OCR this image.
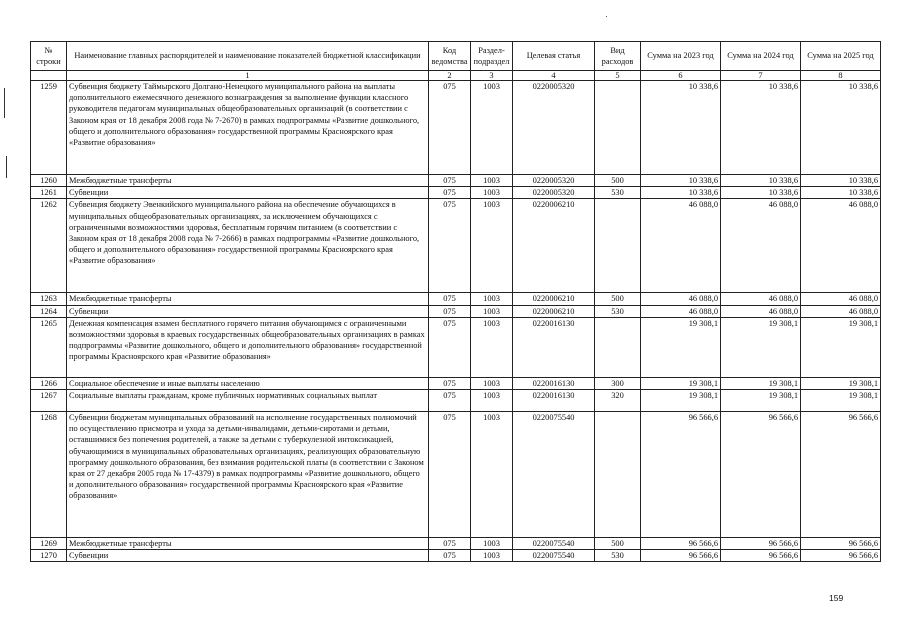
№ строки	Наименование главных распорядителей и наименование показателей бюджетной классификации	Код ведомства	Раздел-подраздел	Целевая статья	Вид расходов	Сумма на 2023 год	Сумма на 2024 год	Сумма на 2025 год
	1	2	3	4	5	6	7	8
1259	Субвенция бюджету Таймырского Долгано-Ненецкого муниципального района на выплаты дополнительного ежемесячного денежного вознаграждения за выполнение функции классного руководителя педагогам муниципальных общеобразовательных организаций (в соответствии с Законом края от 18 декабря 2008 года № 7-2670) в рамках подпрограммы «Развитие дошкольного, общего и дополнительного образования» государственной программы Красноярского края «Развитие образования»	075	1003	0220005320		10 338,6	10 338,6	10 338,6
1260	Межбюджетные трансферты	075	1003	0220005320	500	10 338,6	10 338,6	10 338,6
1261	Субвенции	075	1003	0220005320	530	10 338,6	10 338,6	10 338,6
1262	Субвенция бюджету Эвенкийского муниципального района на обеспечение обучающихся в муниципальных общеобразовательных организациях, за исключением обучающихся с ограниченными возможностями здоровья, бесплатным горячим питанием (в соответствии с Законом края от 18 декабря 2008 года № 7-2666) в рамках подпрограммы «Развитие дошкольного, общего и дополнительного образования» государственной программы Красноярского края «Развитие образования»	075	1003	0220006210		46 088,0	46 088,0	46 088,0
1263	Межбюджетные трансферты	075	1003	0220006210	500	46 088,0	46 088,0	46 088,0
1264	Субвенции	075	1003	0220006210	530	46 088,0	46 088,0	46 088,0
1265	Денежная компенсация взамен бесплатного горячего питания обучающимся с ограниченными возможностями здоровья в краевых государственных общеобразовательных организациях в рамках подпрограммы «Развитие дошкольного, общего и дополнительного образования» государственной программы Красноярского края «Развитие образования»	075	1003	0220016130		19 308,1	19 308,1	19 308,1
1266	Социальное обеспечение и иные выплаты населению	075	1003	0220016130	300	19 308,1	19 308,1	19 308,1
1267	Социальные выплаты гражданам, кроме публичных нормативных социальных выплат	075	1003	0220016130	320	19 308,1	19 308,1	19 308,1
1268	Субвенции бюджетам муниципальных образований на исполнение государственных полномочий по осуществлению присмотра и ухода за детьми-инвалидами, детьми-сиротами и детьми, оставшимися без попечения родителей, а также за детьми с туберкулезной интоксикацией, обучающимися в муниципальных образовательных организациях, реализующих образовательную программу дошкольного образования, без взимания родительской платы (в соответствии с Законом края от 27 декабря 2005 года № 17-4379) в рамках подпрограммы «Развитие дошкольного, общего и дополнительного образования» государственной программы Красноярского края «Развитие образования»	075	1003	0220075540		96 566,6	96 566,6	96 566,6
1269	Межбюджетные трансферты	075	1003	0220075540	500	96 566,6	96 566,6	96 566,6
1270	Субвенции	075	1003	0220075540	530	96 566,6	96 566,6	96 566,6
159
